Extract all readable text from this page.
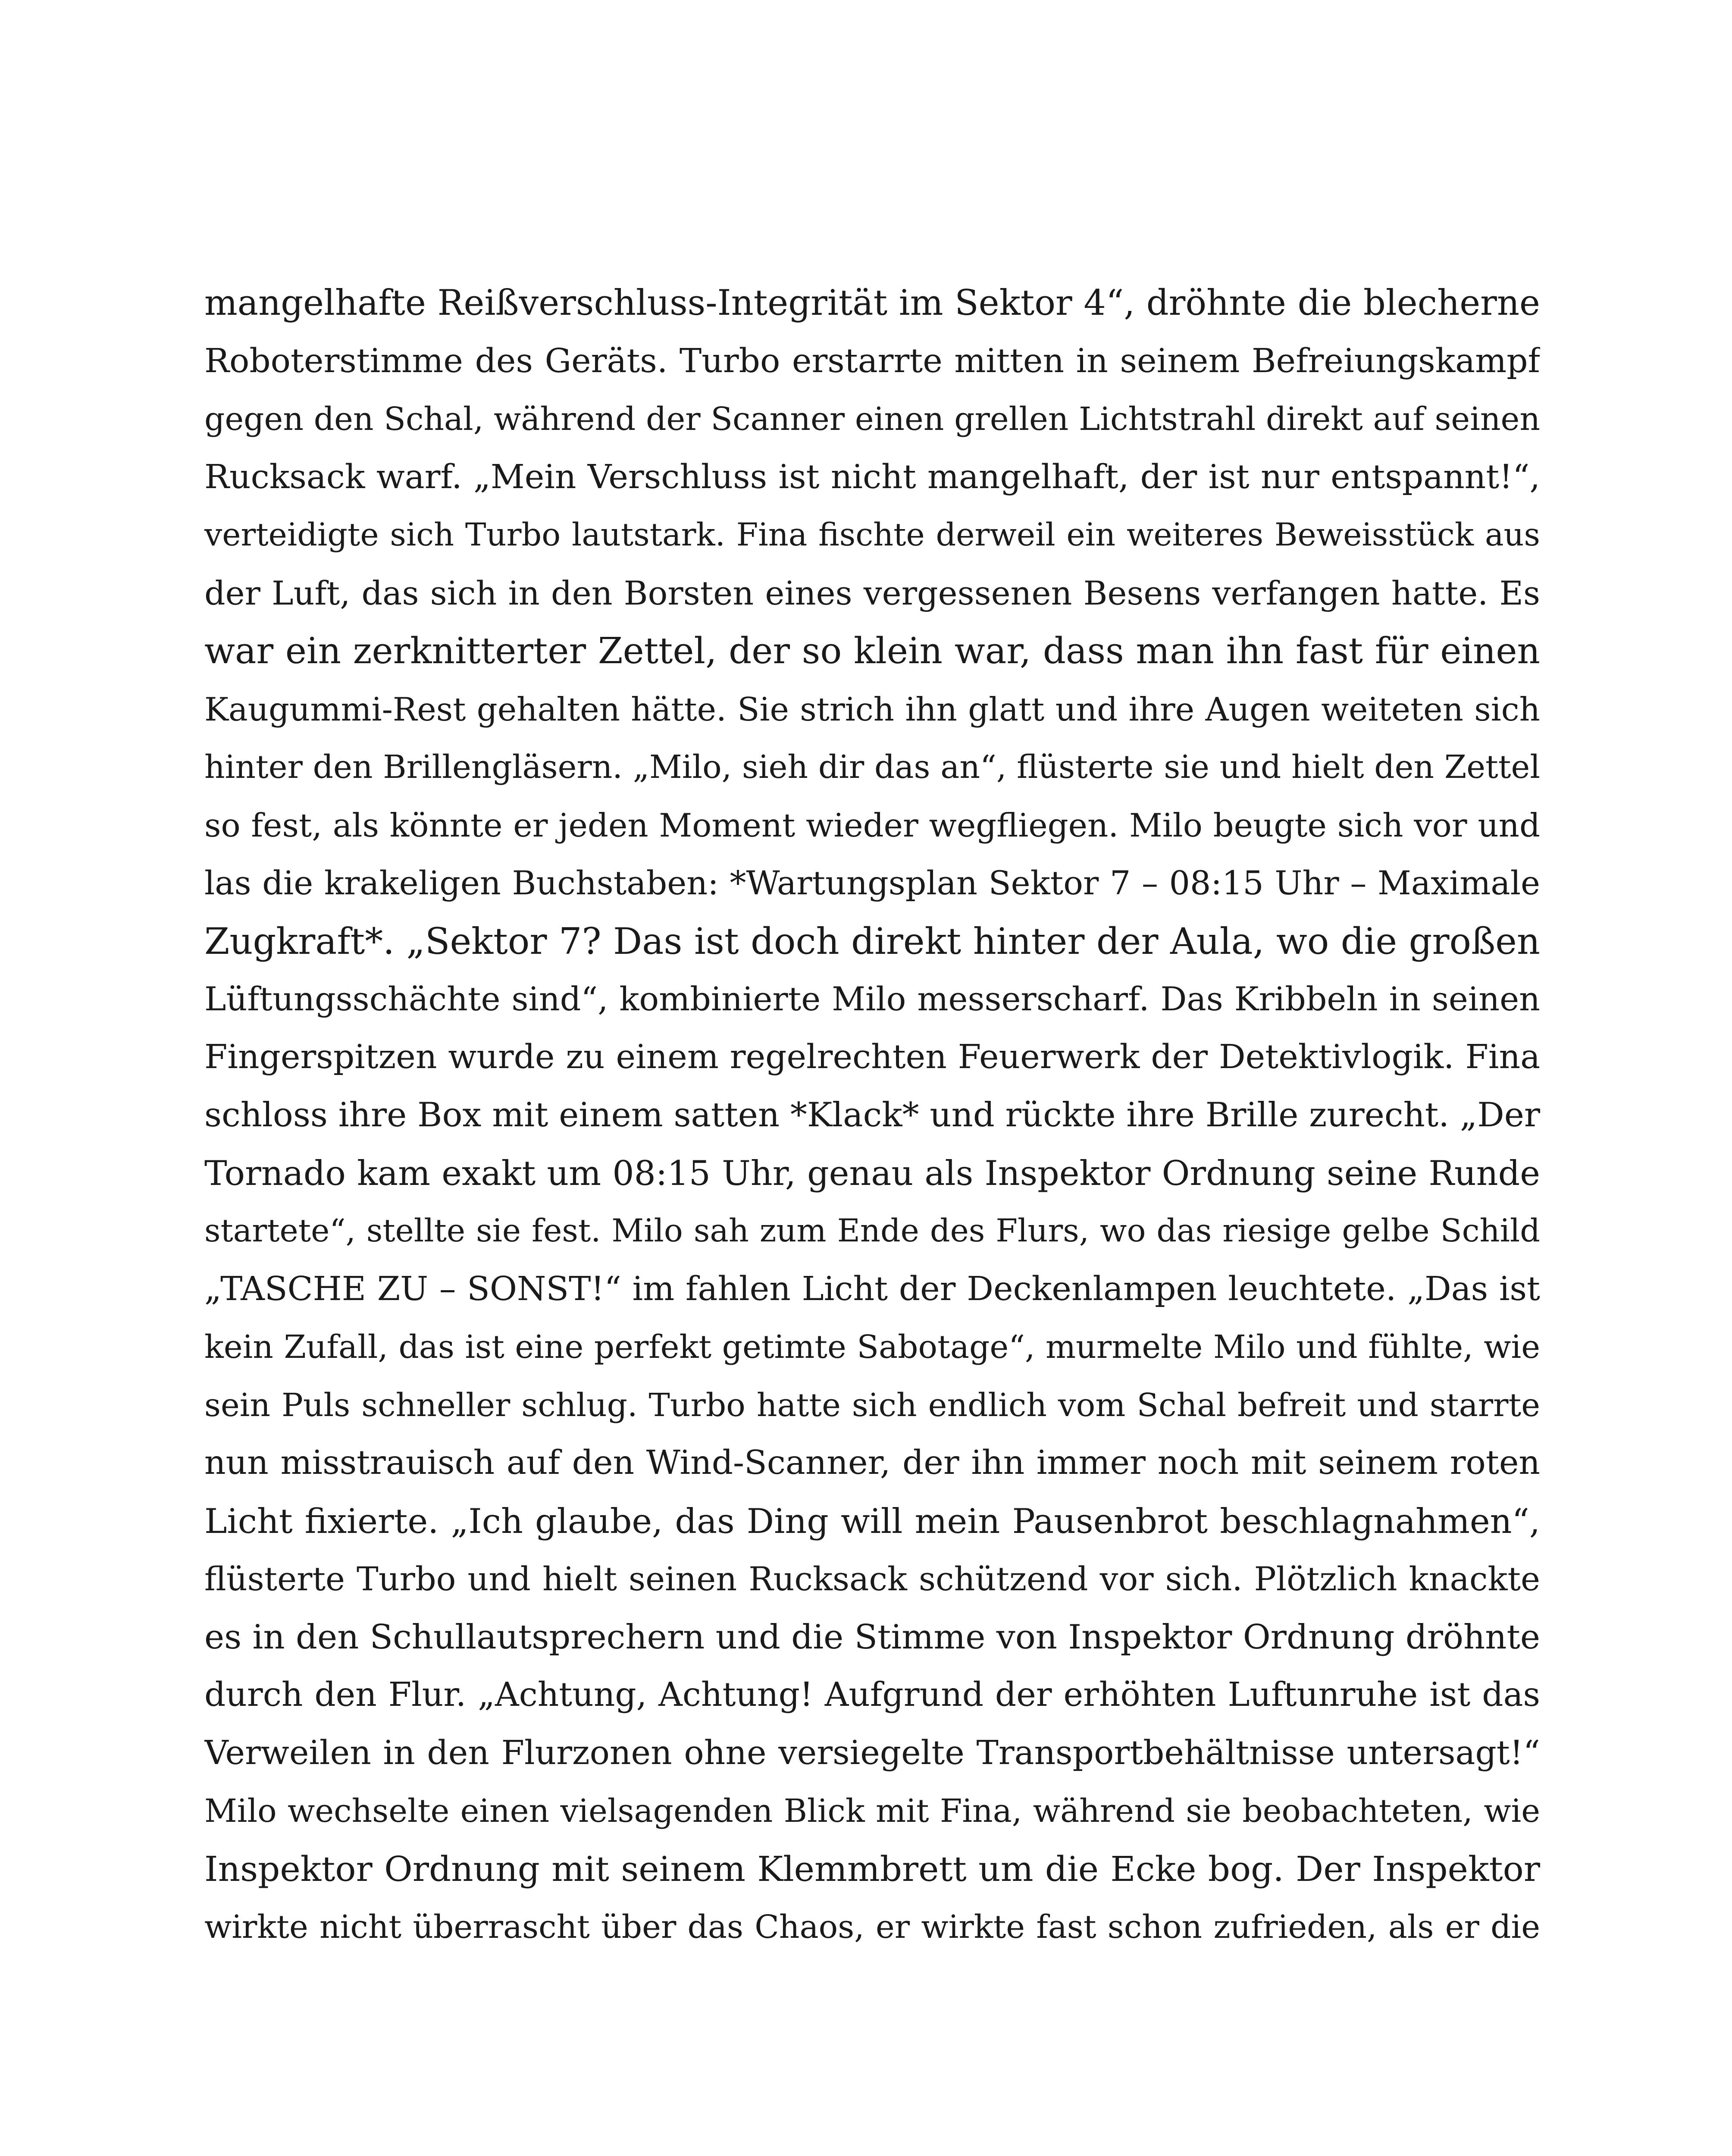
mangelhafte Reißverschluss-Integrität im Sektor 4“, dröhnte die blecherne
Roboterstimme des Geräts. Turbo erstarrte mitten in seinem Befreiungskampf
gegen den Schal, während der Scanner einen grellen Lichtstrahl direkt auf seinen
Rucksack warf. „Mein Verschluss ist nicht mangelhaft, der ist nur entspannt!“,
verteidigte sich Turbo lautstark. Fina fischte derweil ein weiteres Beweisstück aus
der Luft, das sich in den Borsten eines vergessenen Besens verfangen hatte. Es
war ein zerknitterter Zettel, der so klein war, dass man ihn fast für einen
Kaugummi-Rest gehalten hätte. Sie strich ihn glatt und ihre Augen weiteten sich
hinter den Brillengläsern. „Milo, sieh dir das an“, flüsterte sie und hielt den Zettel
so fest, als könnte er jeden Moment wieder wegfliegen. Milo beugte sich vor und
las die krakeligen Buchstaben: *Wartungsplan Sektor 7 – 08:15 Uhr – Maximale
Zugkraft*. „Sektor 7? Das ist doch direkt hinter der Aula, wo die großen
Lüftungsschächte sind“, kombinierte Milo messerscharf. Das Kribbeln in seinen
Fingerspitzen wurde zu einem regelrechten Feuerwerk der Detektivlogik. Fina
schloss ihre Box mit einem satten *Klack* und rückte ihre Brille zurecht. „Der
Tornado kam exakt um 08:15 Uhr, genau als Inspektor Ordnung seine Runde
startete“, stellte sie fest. Milo sah zum Ende des Flurs, wo das riesige gelbe Schild
„TASCHE ZU – SONST!“ im fahlen Licht der Deckenlampen leuchtete. „Das ist
kein Zufall, das ist eine perfekt getimte Sabotage“, murmelte Milo und fühlte, wie
sein Puls schneller schlug. Turbo hatte sich endlich vom Schal befreit und starrte
nun misstrauisch auf den Wind-Scanner, der ihn immer noch mit seinem roten
Licht fixierte. „Ich glaube, das Ding will mein Pausenbrot beschlagnahmen“,
flüsterte Turbo und hielt seinen Rucksack schützend vor sich. Plötzlich knackte
es in den Schullautsprechern und die Stimme von Inspektor Ordnung dröhnte
durch den Flur. „Achtung, Achtung! Aufgrund der erhöhten Luftunruhe ist das
Verweilen in den Flurzonen ohne versiegelte Transportbehältnisse untersagt!“
Milo wechselte einen vielsagenden Blick mit Fina, während sie beobachteten, wie
Inspektor Ordnung mit seinem Klemmbrett um die Ecke bog. Der Inspektor
wirkte nicht überrascht über das Chaos, er wirkte fast schon zufrieden, als er die
